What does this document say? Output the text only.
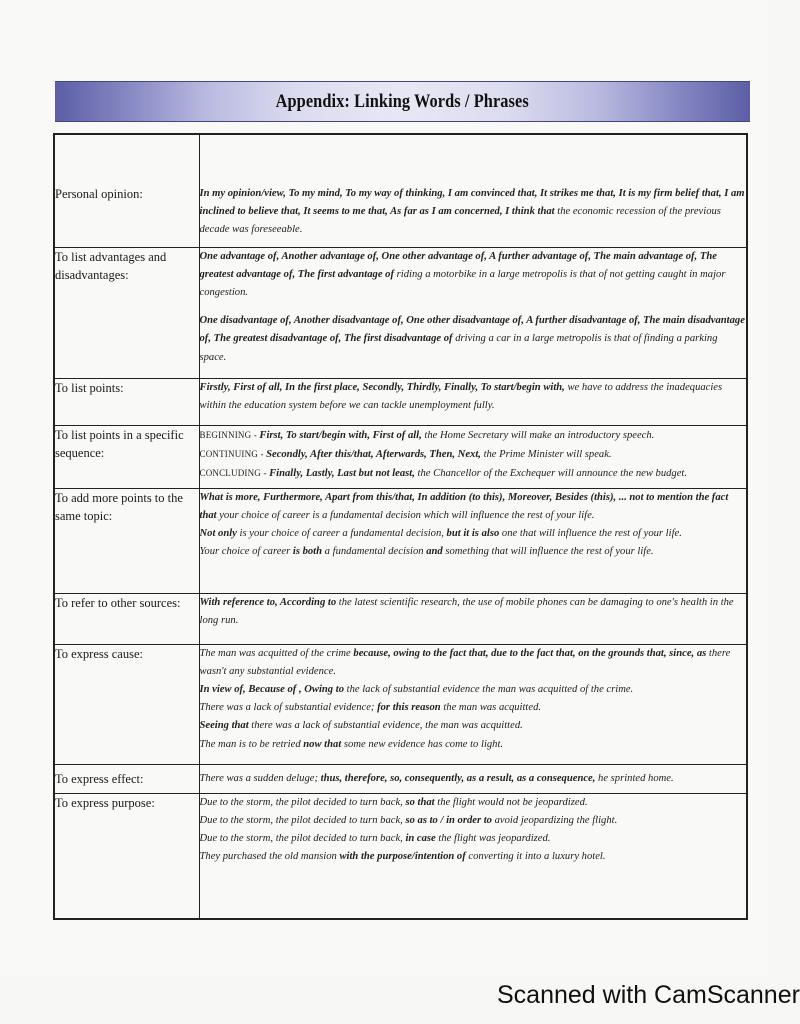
Appendix: Linking Words / Phrases
Personal opinion:	In my opinion/view, To my mind, To my way of thinking, I am convinced that, It strikes me that, It is my firm belief that, I am inclined to believe that, It seems to me that, As far as I am concerned, I think that the economic recession of the previous decade was foreseeable.
To list advantages and disadvantages:	One advantage of, Another advantage of, One other advantage of, A further advantage of, The main advantage of, The greatest advantage of, The first advantage of riding a motorbike in a large metropolis is that of not getting caught in major congestion.
One disadvantage of, Another disadvantage of, One other disadvantage of, A further disadvantage of, The main disadvantage of, The greatest disadvantage of, The first disadvantage of driving a car in a large metropolis is that of finding a parking space.

To list points:	Firstly, First of all, In the first place, Secondly, Thirdly, Finally, To start/begin with, we have to address the inadequacies within the education system before we can tackle unemployment fully.
To list points in a specific sequence:	BEGINNING - First, To start/begin with, First of all, the Home Secretary will make an introductory speech.
CONTINUING - Secondly, After this/that, Afterwards, Then, Next, the Prime Minister will speak.
CONCLUDING - Finally, Lastly, Last but not least, the Chancellor of the Exchequer will announce the new budget.
To add more points to the same topic:	What is more, Furthermore, Apart from this/that, In addition (to this), Moreover, Besides (this), ... not to mention the fact that your choice of career is a fundamental decision which will influence the rest of your life.
Not only is your choice of career a fundamental decision, but it is also one that will influence the rest of your life.
Your choice of career is both a fundamental decision and something that will influence the rest of your life.
To refer to other sources:	With reference to, According to the latest scientific research, the use of mobile phones can be damaging to one's health in the long run.
To express cause:	The man was acquitted of the crime because, owing to the fact that, due to the fact that, on the grounds that, since, as there wasn't any substantial evidence.
In view of, Because of , Owing to the lack of substantial evidence the man was acquitted of the crime.
There was a lack of substantial evidence; for this reason the man was acquitted.
Seeing that there was a lack of substantial evidence, the man was acquitted.
The man is to be retried now that some new evidence has come to light.
To express effect:	There was a sudden deluge; thus, therefore, so, consequently, as a result, as a consequence, he sprinted home.
To express purpose:	Due to the storm, the pilot decided to turn back, so that the flight would not be jeopardized.
Due to the storm, the pilot decided to turn back, so as to / in order to avoid jeopardizing the flight.
Due to the storm, the pilot decided to turn back, in case the flight was jeopardized.
They purchased the old mansion with the purpose/intention of converting it into a luxury hotel.
Scanned with CamScanner
